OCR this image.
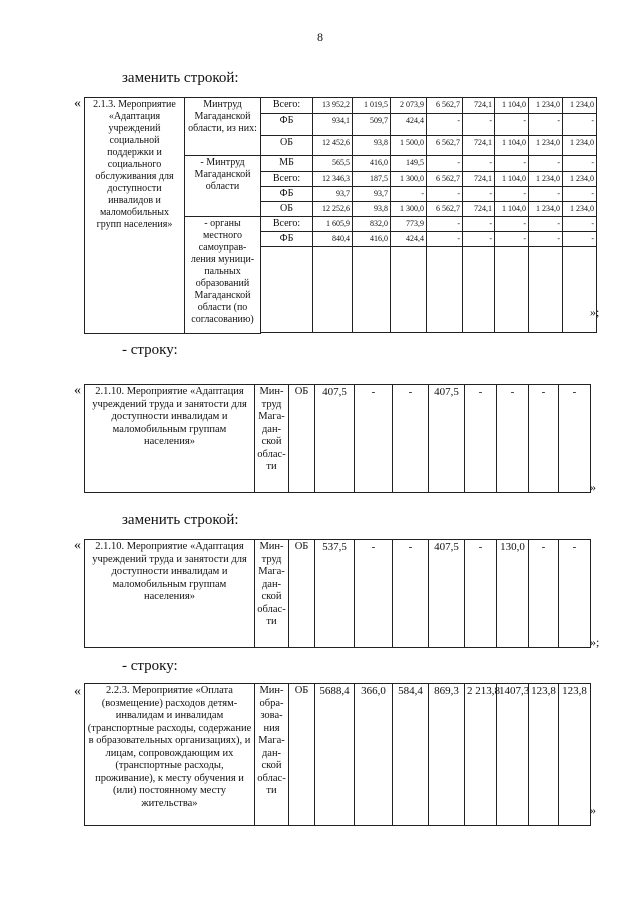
8
заменить строкой:
« 2.1.3. Мероприятие «Адаптация учреждений социальной поддержки и социального обслуживания для доступности инвалидов и маломобильных групп населения»	Минтруд Магаданской области, из них:	Всего:	13 952,2	1 019,5	2 073,9	6 562,7	724,1	1 104,0	1 234,0	1 234,0	
		ФБ	934,1	509,7	424,4	-	-	-	-	-	
		ОБ	12 452,6	93,8	1 500,0	6 562,7	724,1	1 104,0	1 234,0	1 234,0	
	- Минтруд Магаданской области	МБ	565,5	416,0	149,5	-	-	-	-	-	
		Всего:	12 346,3	187,5	1 300,0	6 562,7	724,1	1 104,0	1 234,0	1 234,0	
		ФБ	93,7	93,7	-	-	-	-	-	-	
		ОБ	12 252,6	93,8	1 300,0	6 562,7	724,1	1 104,0	1 234,0	1 234,0	
	- органы местного самоуправ-ления муници-пальных образований Магаданской области (по согласованию)	Всего:	1 605,9	832,0	773,9	-	-	-	-	-	
		ФБ	840,4	416,0	424,4	-	-	-	-	-	

»;
- строку:
« 2.1.10. Мероприятие «Адаптация учреждений труда и занятости для доступности инвалидам и маломобильным группам населения»	Мин-труд Мага-дан-ской облас-ти	ОБ	407,5	-	-	407,5	-	-	-	-
»
заменить строкой:
« 2.1.10. Мероприятие «Адаптация учреждений труда и занятости для доступности инвалидам и маломобильным группам населения»	Мин-труд Мага-дан-ской облас-ти	ОБ	537,5	-	-	407,5	-	130,0	-	-
»;
- строку:
« 2.2.3. Мероприятие «Оплата (возмещение) расходов детям-инвалидам и инвалидам (транспортные расходы, содержание в образовательных организациях), и лицам, сопровождающим их (транспортные расходы, проживание), к месту обучения и (или) постоянному месту жительства»	Мин-обра-зова-ния Мага-дан-ской облас-ти	ОБ	5688,4	366,0	584,4	869,3	2 213,8	1407,3	123,8	123,8
»
